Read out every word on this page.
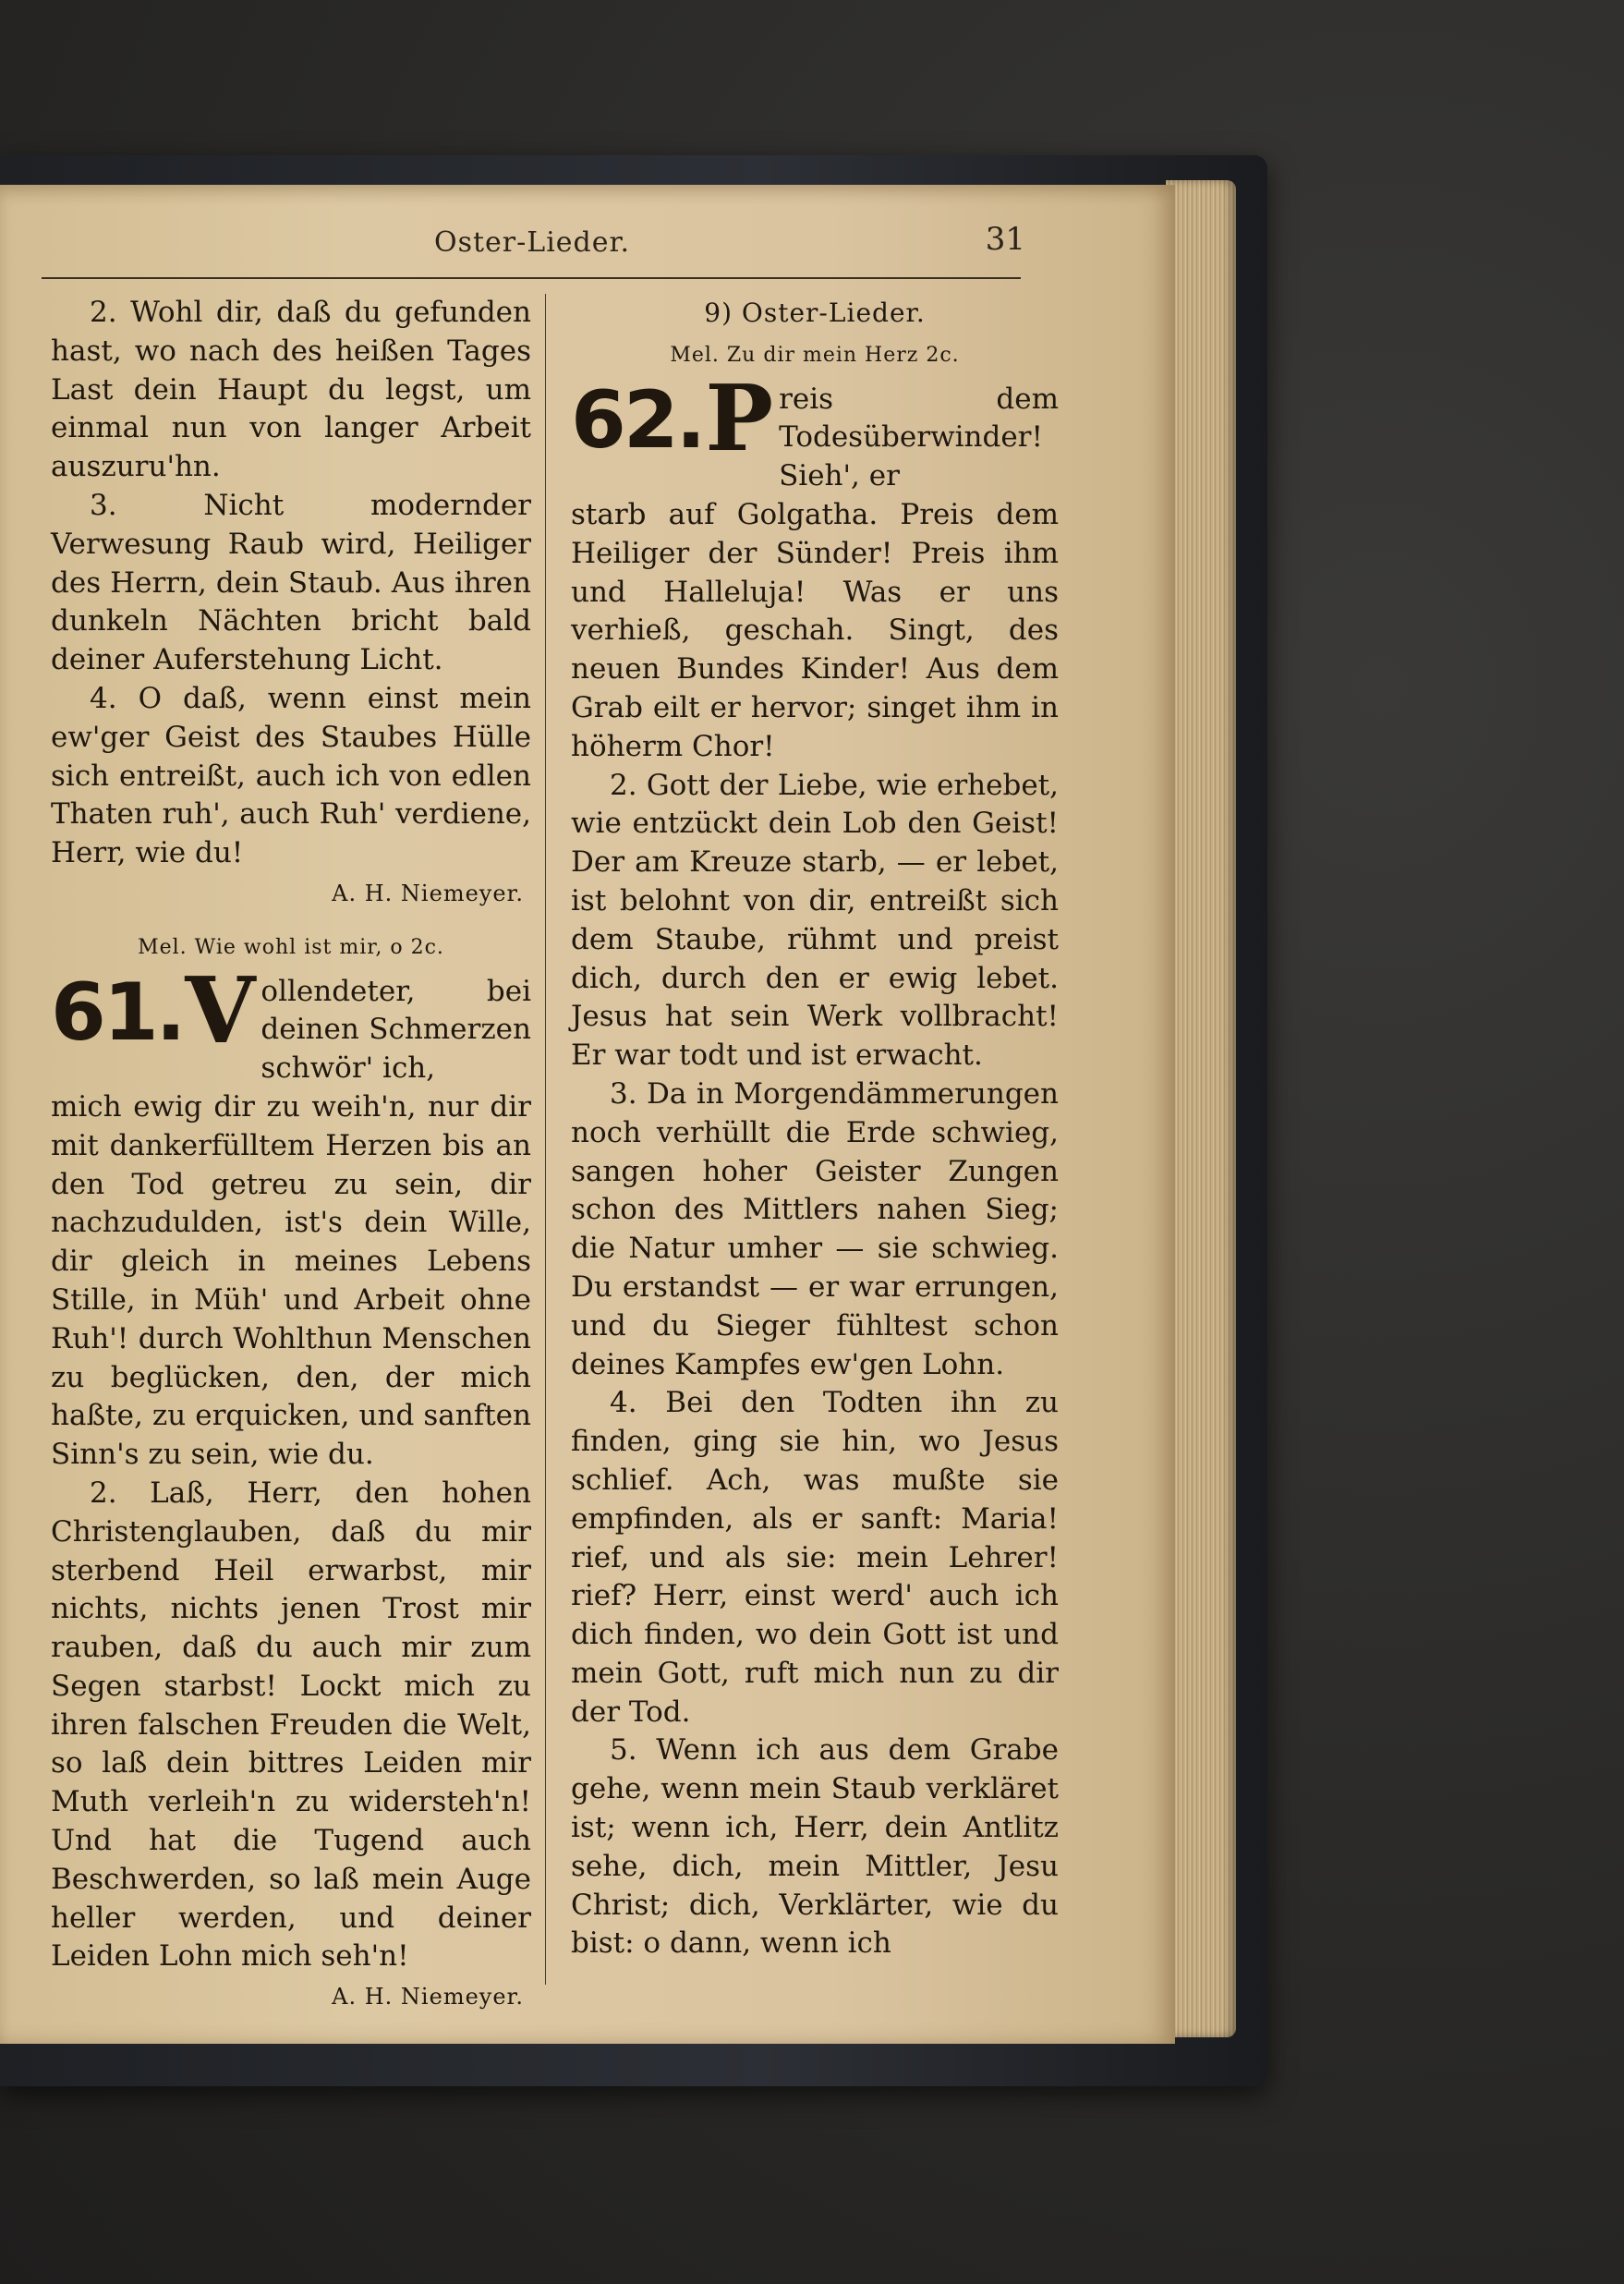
Oster-Lieder.	31

2. Wohl dir, daß du gefunden hast, wo nach des heißen Tages Last dein Haupt du legst, um einmal nun von langer Arbeit auszuru'hn.

3. Nicht modernder Verwesung Raub wird, Heiliger des Herrn, dein Staub. Aus ihren dunkeln Nächten bricht bald deiner Auferstehung Licht.

4. O daß, wenn einst mein ew'ger Geist des Staubes Hülle sich entreißt, auch ich von edlen Thaten ruh', auch Ruh' verdiene, Herr, wie du!

A. H. Niemeyer.

Mel. Wie wohl ist mir, o 2c.

61. V ollendeter, bei deinen Schmerzen schwör' ich,

mich ewig dir zu weih'n, nur dir mit dankerfülltem Herzen bis an den Tod getreu zu sein, dir nachzudulden, ist's dein Wille, dir gleich in meines Lebens Stille, in Müh' und Arbeit ohne Ruh'! durch Wohlthun Menschen zu beglücken, den, der mich haßte, zu erquicken, und sanften Sinn's zu sein, wie du.

2. Laß, Herr, den hohen Christenglauben, daß du mir sterbend Heil erwarbst, mir nichts, nichts jenen Trost mir rauben, daß du auch mir zum Segen starbst! Lockt mich zu ihren falschen Freuden die Welt, so laß dein bittres Leiden mir Muth verleih'n zu widersteh'n! Und hat die Tugend auch Beschwerden, so laß mein Auge heller werden, und deiner Leiden Lohn mich seh'n!

A. H. Niemeyer.

9) Oster-Lieder.

Mel. Zu dir mein Herz 2c.

62. P reis dem Todesüberwinder! Sieh', er

starb auf Golgatha. Preis dem Heiliger der Sünder! Preis ihm und Halleluja! Was er uns verhieß, geschah. Singt, des neuen Bundes Kinder! Aus dem Grab eilt er hervor; singet ihm in höherm Chor!

2. Gott der Liebe, wie erhebet, wie entzückt dein Lob den Geist! Der am Kreuze starb, — er lebet, ist belohnt von dir, entreißt sich dem Staube, rühmt und preist dich, durch den er ewig lebet. Jesus hat sein Werk vollbracht! Er war todt und ist erwacht.

3. Da in Morgendämmerungen noch verhüllt die Erde schwieg, sangen hoher Geister Zungen schon des Mittlers nahen Sieg; die Natur umher — sie schwieg. Du erstandst — er war errungen, und du Sieger fühltest schon deines Kampfes ew'gen Lohn.

4. Bei den Todten ihn zu finden, ging sie hin, wo Jesus schlief. Ach, was mußte sie empfinden, als er sanft: Maria! rief, und als sie: mein Lehrer! rief? Herr, einst werd' auch ich dich finden, wo dein Gott ist und mein Gott, ruft mich nun zu dir der Tod.

5. Wenn ich aus dem Grabe gehe, wenn mein Staub verkläret ist; wenn ich, Herr, dein Antlitz sehe, dich, mein Mittler, Jesu Christ; dich, Verklärter, wie du bist: o dann, wenn ich
